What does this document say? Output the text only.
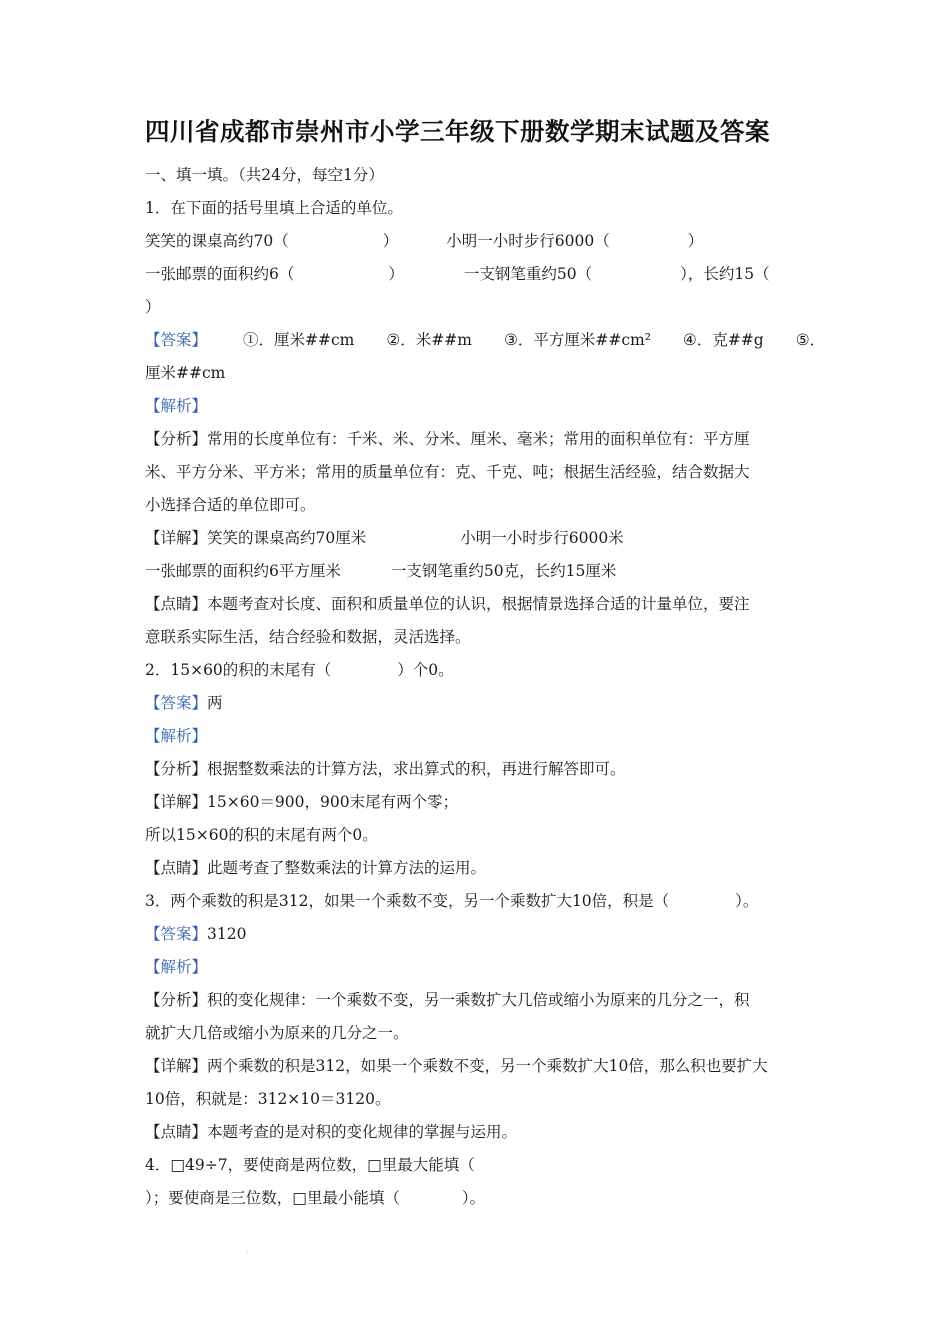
四川省成都市崇州市小学三年级下册数学期末试题及答案
一、填一填。（共24分，每空1分）
1．在下面的括号里填上合适的单位。
笑笑的课桌高约70（	）	小明一小时步行6000（	）
一张邮票的面积约6（	）	一支钢笔重约50（	），长约15（
）
【答案】 ①．厘米##cm ②．米##m ③．平方厘米##cm² ④．克##g ⑤．
厘米##cm
【解析】
【分析】常用的长度单位有：千米、米、分米、厘米、毫米；常用的面积单位有：平方厘
米、平方分米、平方米；常用的质量单位有：克、千克、吨；根据生活经验，结合数据大
小选择合适的单位即可。
【详解】笑笑的课桌高约70厘米	小明一小时步行6000米
一张邮票的面积约6平方厘米	一支钢笔重约50克，长约15厘米
【点睛】本题考查对长度、面积和质量单位的认识，根据情景选择合适的计量单位，要注
意联系实际生活，结合经验和数据，灵活选择。
2．15×60的积的末尾有（	）个0。
【答案】两
【解析】
【分析】根据整数乘法的计算方法，求出算式的积，再进行解答即可。
【详解】15×60＝900，900末尾有两个零；
所以15×60的积的末尾有两个0。
【点睛】此题考查了整数乘法的计算方法的运用。
3．两个乘数的积是312，如果一个乘数不变，另一个乘数扩大10倍，积是（	）。
【答案】3120
【解析】
【分析】积的变化规律：一个乘数不变，另一乘数扩大几倍或缩小为原来的几分之一，积
就扩大几倍或缩小为原来的几分之一。
【详解】两个乘数的积是312，如果一个乘数不变，另一个乘数扩大10倍，那么积也要扩大
10倍，积就是：312×10＝3120。
【点睛】本题考查的是对积的变化规律的掌握与运用。
4．□49÷7，要使商是两位数，□里最大能填（
）；要使商是三位数，□里最小能填（	）。
